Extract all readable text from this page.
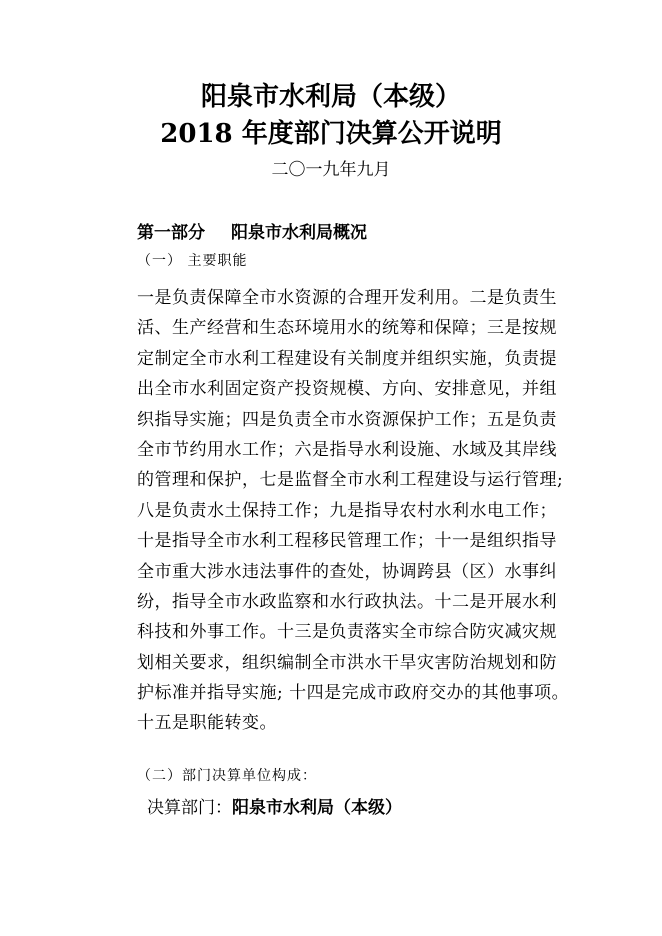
阳泉市水利局（本级）
2018 年度部门决算公开说明
二〇一九年九月
第一部分 阳泉市水利局概况
（一） 主要职能
一是负责保障全市水资源的合理开发利用。二是负责生
活、生产经营和生态环境用水的统筹和保障；三是按规
定制定全市水利工程建设有关制度并组织实施，负责提
出全市水利固定资产投资规模、方向、安排意见，并组
织指导实施；四是负责全市水资源保护工作；五是负责
全市节约用水工作；六是指导水利设施、水域及其岸线
的管理和保护，七是监督全市水利工程建设与运行管理;
八是负责水土保持工作；九是指导农村水利水电工作；
十是指导全市水利工程移民管理工作；十一是组织指导
全市重大涉水违法事件的查处，协调跨县（区）水事纠
纷，指导全市水政监察和水行政执法。十二是开展水利
科技和外事工作。十三是负责落实全市综合防灾减灾规
划相关要求，组织编制全市洪水干旱灾害防治规划和防
护标准并指导实施; 十四是完成市政府交办的其他事项。
十五是职能转变。
（二）部门决算单位构成：
决算部门：阳泉市水利局（本级）
